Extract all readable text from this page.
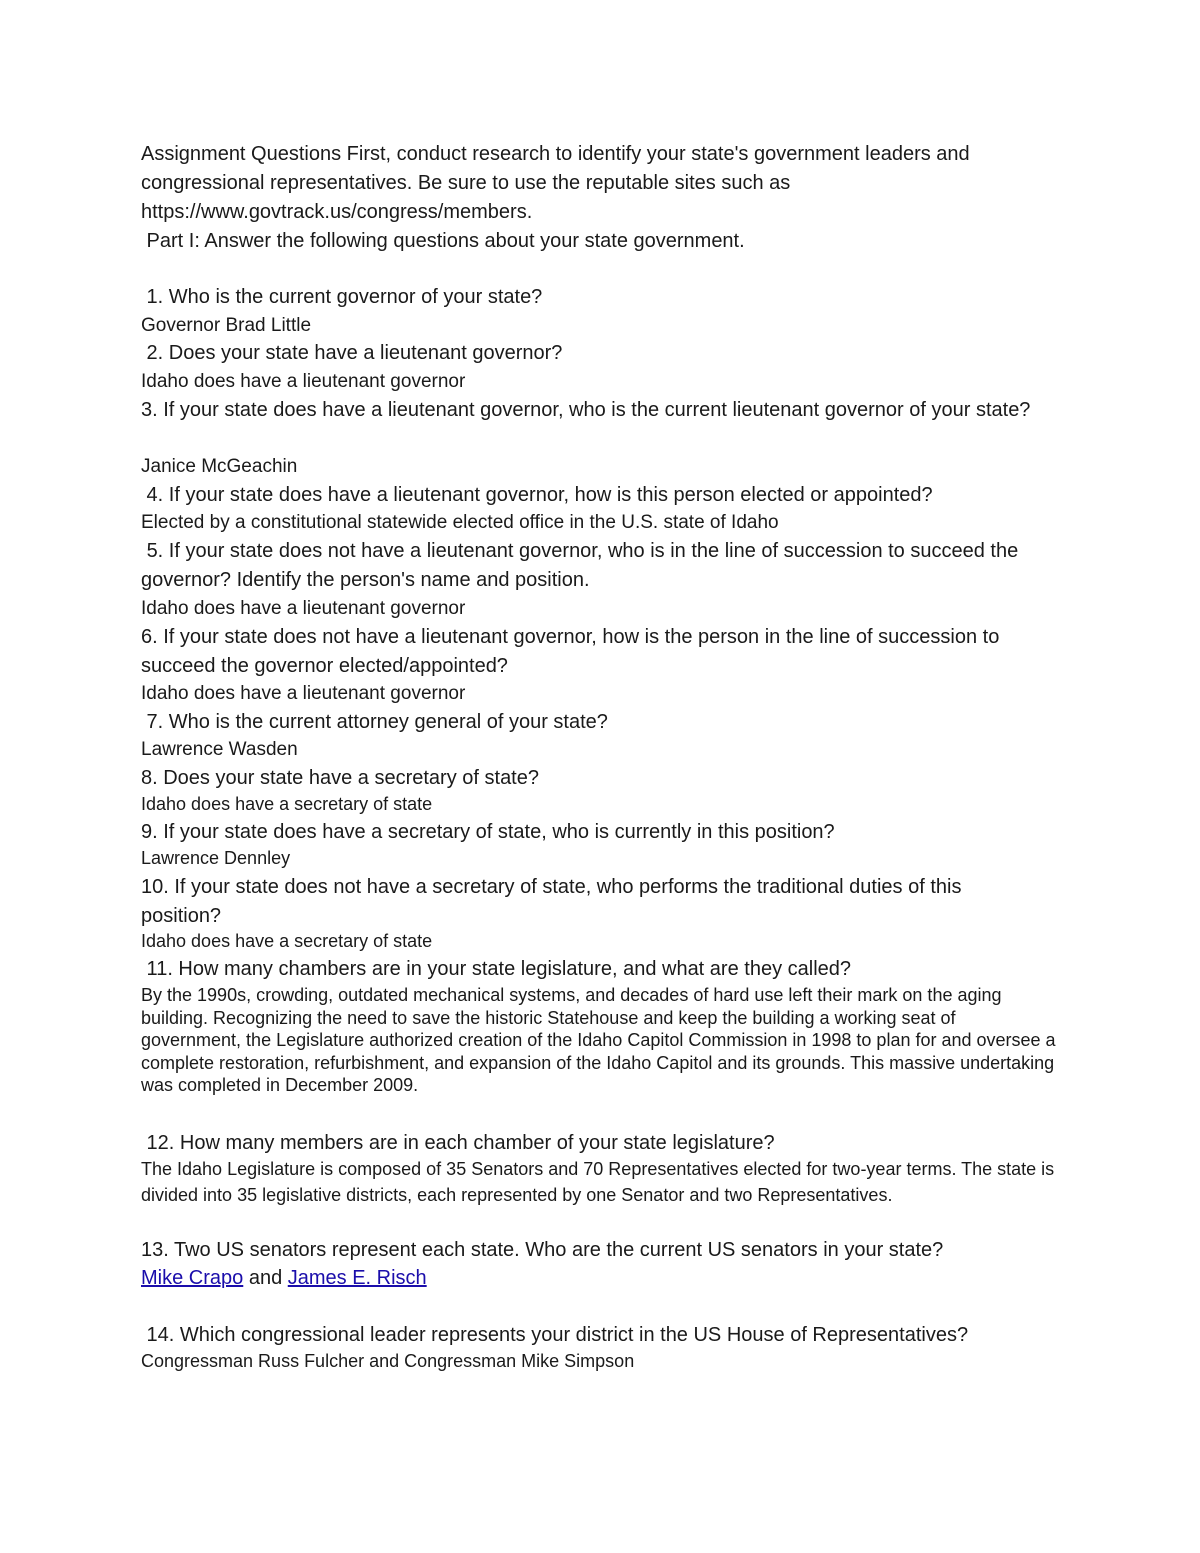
Assignment Questions First, conduct research to identify your state's government leaders and
congressional representatives. Be sure to use the reputable sites such as
https://www.govtrack.us/congress/members.
Part I: Answer the following questions about your state government.
1. Who is the current governor of your state?
Governor Brad Little
2. Does your state have a lieutenant governor?
Idaho does have a lieutenant governor
3. If your state does have a lieutenant governor, who is the current lieutenant governor of your state?
Janice McGeachin
4. If your state does have a lieutenant governor, how is this person elected or appointed?
Elected by a constitutional statewide elected office in the U.S. state of Idaho
5. If your state does not have a lieutenant governor, who is in the line of succession to succeed the governor? Identify the person's name and position.
Idaho does have a lieutenant governor
6. If your state does not have a lieutenant governor, how is the person in the line of succession to succeed the governor elected/appointed?
Idaho does have a lieutenant governor
7. Who is the current attorney general of your state?
Lawrence Wasden
8. Does your state have a secretary of state?
Idaho does have a secretary of state
9. If your state does have a secretary of state, who is currently in this position?
Lawrence Dennley
10. If your state does not have a secretary of state, who performs the traditional duties of this position?
Idaho does have a secretary of state
11. How many chambers are in your state legislature, and what are they called?
By the 1990s, crowding, outdated mechanical systems, and decades of hard use left their mark on the aging building. Recognizing the need to save the historic Statehouse and keep the building a working seat of government, the Legislature authorized creation of the Idaho Capitol Commission in 1998 to plan for and oversee a complete restoration, refurbishment, and expansion of the Idaho Capitol and its grounds. This massive undertaking was completed in December 2009.
12. How many members are in each chamber of your state legislature?
The Idaho Legislature is composed of 35 Senators and 70 Representatives elected for two-year terms. The state is divided into 35 legislative districts, each represented by one Senator and two Representatives.
13. Two US senators represent each state. Who are the current US senators in your state?
Mike Crapo and James E. Risch
14. Which congressional leader represents your district in the US House of Representatives?
Congressman Russ Fulcher and Congressman Mike Simpson
